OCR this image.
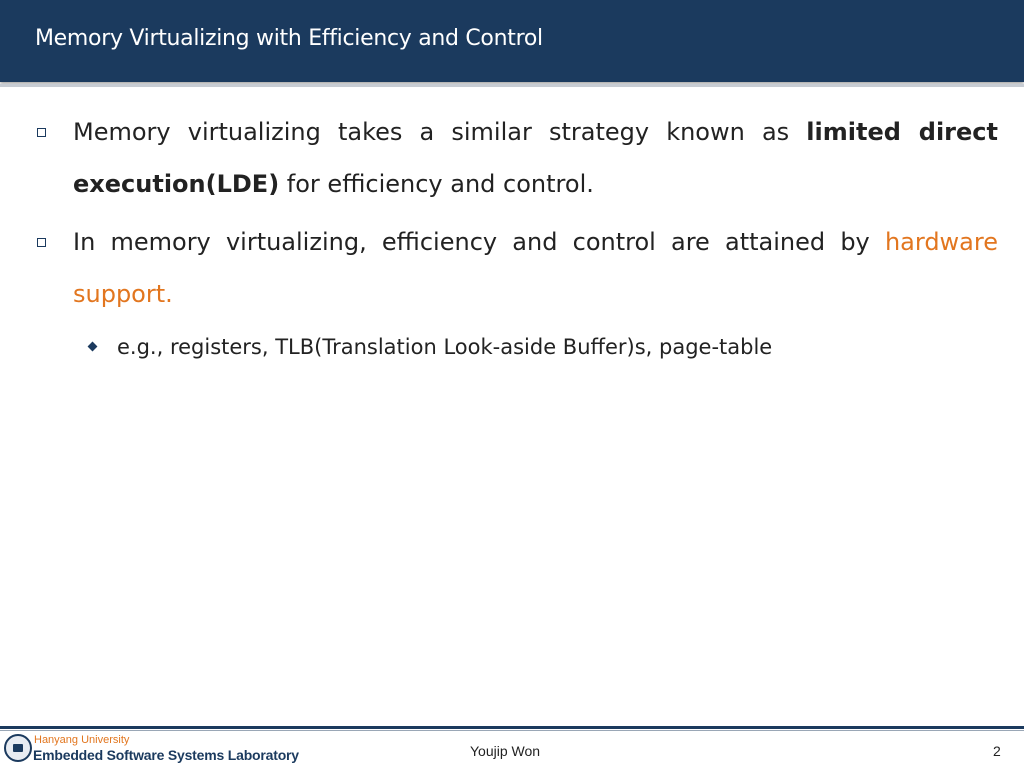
Memory Virtualizing with Efficiency and Control
Memory virtualizing takes a similar strategy known as limited direct execution(LDE) for efficiency and control.
In memory virtualizing, efficiency and control are attained by hardware support.
e.g., registers, TLB(Translation Look-aside Buffer)s, page-table
Hanyang University
Embedded Software Systems Laboratory	Youjip Won	2
